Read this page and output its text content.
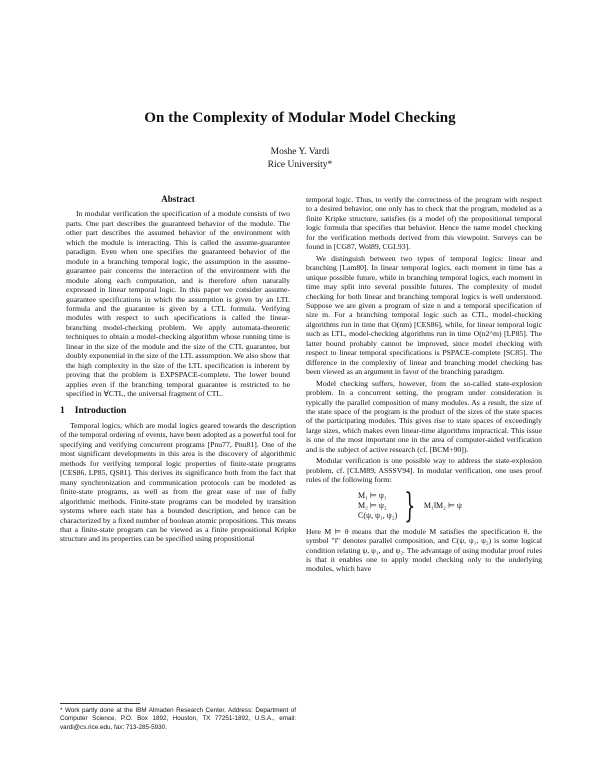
On the Complexity of Modular Model Checking
Moshe Y. Vardi
Rice University*
Abstract

In modular verification the specification of a module consists of two parts. One part describes the guaranteed behavior of the module. The other part describes the assumed behavior of the environment with which the module is interacting. This is called the assume-guarantee paradigm. Even when one specifies the guaranteed behavior of the module in a branching temporal logic, the assumption in the assume-guarantee pair concerns the interaction of the environment with the module along each computation, and is therefore often naturally expressed in linear temporal logic. In this paper we consider assume-guarantee specifications in which the assumption is given by an LTL formula and the guarantee is given by a CTL formula. Verifying modules with respect to such specifications is called the linear-branching model-checking problem. We apply automata-theoretic techniques to obtain a model-checking algorithm whose running time is linear in the size of the module and the size of the CTL guarantee, but doubly exponential in the size of the LTL assumption. We also show that the high complexity in the size of the LTL specification is inherent by proving that the problem is EXPSPACE-complete. The lower bound applies even if the branching temporal guarantee is restricted to be specified in ∀CTL, the universal fragment of CTL.

1 Introduction

Temporal logics, which are modal logics geared towards the description of the temporal ordering of events, have been adopted as a powerful tool for specifying and verifying concurrent programs [Pnu77, Pnu81]. One of the most significant developments in this area is the discovery of algorithmic methods for verifying temporal logic properties of finite-state programs [CES86, LP85, QS81]. This derives its significance both from the fact that many synchronization and communication protocols can be modeled as finite-state programs, as well as from the great ease of use of fully algorithmic methods. Finite-state programs can be modeled by transition systems where each state has a bounded description, and hence can be characterized by a fixed number of boolean atomic propositions. This means that a finite-state program can be viewed as a finite propositional Kripke structure and its properties can be specified using propositional

temporal logic. Thus, to verify the correctness of the program with respect to a desired behavior, one only has to check that the program, modeled as a finite Kripke structure, satisfies (is a model of) the propositional temporal logic formula that specifies that behavior. Hence the name model checking for the verification methods derived from this viewpoint. Surveys can be found in [CG87, Wol89, CGL93].

We distinguish between two types of temporal logics: linear and branching [Lam80]. In linear temporal logics, each moment in time has a unique possible future, while in branching temporal logics, each moment in time may split into several possible futures. The complexity of model checking for both linear and branching temporal logics is well understood. Suppose we are given a program of size n and a temporal specification of size m. For a branching temporal logic such as CTL, model-checking algorithms run in time that O(nm) [CES86], while, for linear temporal logic such as LTL, model-checking algorithms run in time O(n2^m) [LP85]. The latter bound probably cannot be improved, since model checking with respect to linear temporal specifications is PSPACE-complete [SC85]. The difference in the complexity of linear and branching model checking has been viewed as an argument in favor of the branching paradigm.

Model checking suffers, however, from the so-called state-explosion problem. In a concurrent setting, the program under consideration is typically the parallel composition of many modules. As a result, the size of the state space of the program is the product of the sizes of the state spaces of the participating modules. This gives rise to state spaces of exceedingly large sizes, which makes even linear-time algorithms impractical. This issue is one of the most important one in the area of computer-aided verification and is the subject of active research (cf. [BCM+90]).

Modular verification is one possible way to address the state-explosion problem, cf. [CLM89, ASSSV94]. In modular verification, one uses proof rules of the following form:

M₁ ⊨ ψ₁
M₂ ⊨ ψ₂
C(ψ, ψ₁, ψ₂) } M₁‖M₂ ⊨ ψ

Here M ⊨ θ means that the module M satisfies the specification θ, the symbol "‖" denotes parallel composition, and C(ψ, ψ₁, ψ₂) is some logical condition relating ψ, ψ₁, and ψ₂. The advantage of using modular proof rules is that it enables one to apply model checking only to the underlying modules, which have

* Work partly done at the IBM Almaden Research Center. Address: Department of Computer Science, P.O. Box 1892, Houston, TX 77251-1892, U.S.A., email: vardi@cs.rice.edu, fax: 713-285-5930.
